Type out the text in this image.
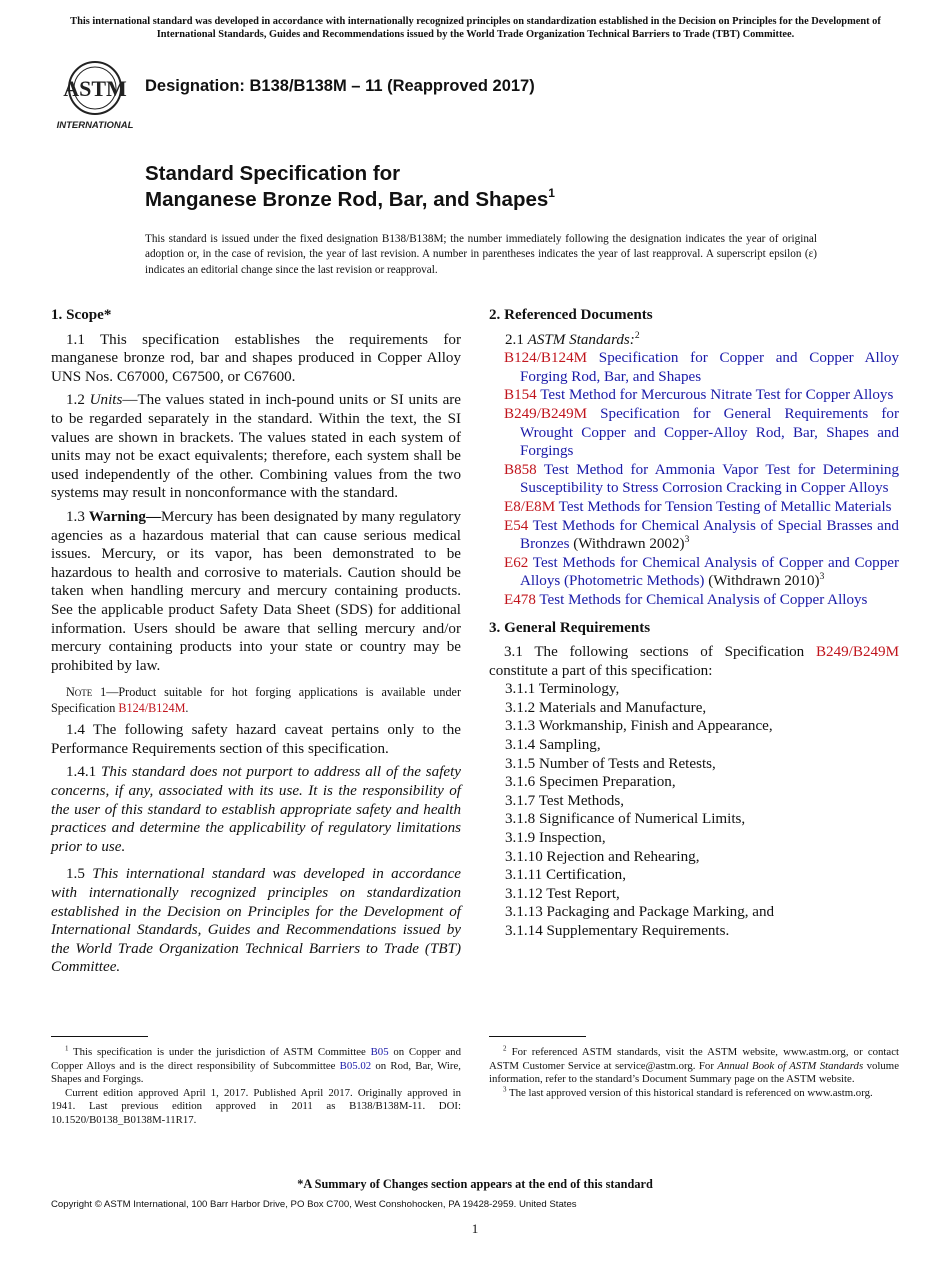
This international standard was developed in accordance with internationally recognized principles on standardization established in the Decision on Principles for the Development of International Standards, Guides and Recommendations issued by the World Trade Organization Technical Barriers to Trade (TBT) Committee.
ASTM
INTERNATIONAL
Designation: B138/B138M – 11 (Reapproved 2017)
Standard Specification for
Manganese Bronze Rod, Bar, and Shapes$^1$
This standard is issued under the fixed designation B138/B138M; the number immediately following the designation indicates the year of original adoption or, in the case of revision, the year of last revision. A number in parentheses indicates the year of last reapproval. A superscript epsilon (ε) indicates an editorial change since the last revision or reapproval.

1. Scope*

1.1 This specification establishes the requirements for manganese bronze rod, bar and shapes produced in Copper Alloy UNS Nos. C67000, C67500, or C67600.

1.2 Units—The values stated in inch-pound units or SI units are to be regarded separately in the standard. Within the text, the SI values are shown in brackets. The values stated in each system of units may not be exact equivalents; therefore, each system shall be used independently of the other. Combining values from the two systems may result in nonconformance with the standard.

1.3 Warning—Mercury has been designated by many regulatory agencies as a hazardous material that can cause serious medical issues. Mercury, or its vapor, has been demonstrated to be hazardous to health and corrosive to materials. Caution should be taken when handling mercury and mercury containing products. See the applicable product Safety Data Sheet (SDS) for additional information. Users should be aware that selling mercury and/or mercury containing products into your state or country may be prohibited by law.

Note 1—Product suitable for hot forging applications is available under Specification B124/B124M.

1.4 The following safety hazard caveat pertains only to the Performance Requirements section of this specification.

1.4.1 This standard does not purport to address all of the safety concerns, if any, associated with its use. It is the responsibility of the user of this standard to establish appropriate safety and health practices and determine the applicability of regulatory limitations prior to use.

1.5 This international standard was developed in accordance with internationally recognized principles on standardization established in the Decision on Principles for the Development of International Standards, Guides and Recommendations issued by the World Trade Organization Technical Barriers to Trade (TBT) Committee.

2. Referenced Documents

2.1 ASTM Standards:$^2$

B124/B124M Specification for Copper and Copper Alloy Forging Rod, Bar, and Shapes

B154 Test Method for Mercurous Nitrate Test for Copper Alloys

B249/B249M Specification for General Requirements for Wrought Copper and Copper-Alloy Rod, Bar, Shapes and Forgings

B858 Test Method for Ammonia Vapor Test for Determining Susceptibility to Stress Corrosion Cracking in Copper Alloys

E8/E8M Test Methods for Tension Testing of Metallic Materials

E54 Test Methods for Chemical Analysis of Special Brasses and Bronzes (Withdrawn 2002)$^3$

E62 Test Methods for Chemical Analysis of Copper and Copper Alloys (Photometric Methods) (Withdrawn 2010)$^3$

E478 Test Methods for Chemical Analysis of Copper Alloys

3. General Requirements

3.1 The following sections of Specification B249/B249M constitute a part of this specification:

3.1.1 Terminology,
3.1.2 Materials and Manufacture,
3.1.3 Workmanship, Finish and Appearance,
3.1.4 Sampling,
3.1.5 Number of Tests and Retests,
3.1.6 Specimen Preparation,
3.1.7 Test Methods,
3.1.8 Significance of Numerical Limits,
3.1.9 Inspection,
3.1.10 Rejection and Rehearing,
3.1.11 Certification,
3.1.12 Test Report,
3.1.13 Packaging and Package Marking, and
3.1.14 Supplementary Requirements.

$^1$ This specification is under the jurisdiction of ASTM Committee B05 on Copper and Copper Alloys and is the direct responsibility of Subcommittee B05.02 on Rod, Bar, Wire, Shapes and Forgings.

Current edition approved April 1, 2017. Published April 2017. Originally approved in 1941. Last previous edition approved in 2011 as B138/B138M-11. DOI: 10.1520/B0138_B0138M-11R17.

$^2$ For referenced ASTM standards, visit the ASTM website, www.astm.org, or contact ASTM Customer Service at service@astm.org. For Annual Book of ASTM Standards volume information, refer to the standard’s Document Summary page on the ASTM website.

$^3$ The last approved version of this historical standard is referenced on www.astm.org.

*A Summary of Changes section appears at the end of this standard
Copyright © ASTM International, 100 Barr Harbor Drive, PO Box C700, West Conshohocken, PA 19428-2959. United States
1
